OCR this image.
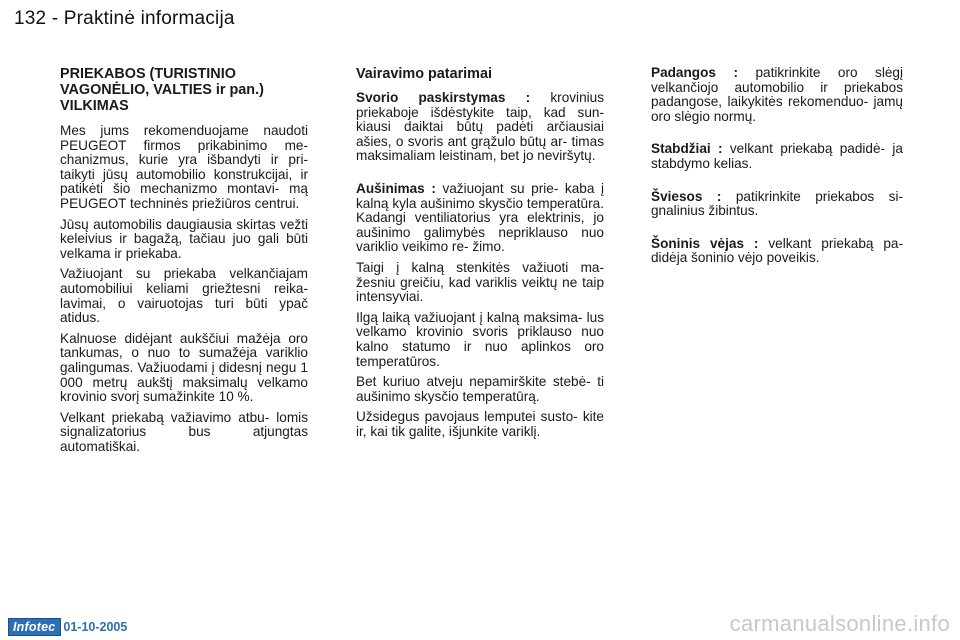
132 - Praktinė informacija
PRIEKABOS (TURISTINIO VAGONĖLIO, VALTIES ir pan.) VILKIMAS

Mes jums rekomenduojame naudoti PEUGEOT firmos prikabinimo me- chanizmus, kurie yra išbandyti ir pri- taikyti jūsų automobilio konstrukcijai, ir patikėti šio mechanizmo montavi- mą PEUGEOT techninės priežiūros centrui.

Jūsų automobilis daugiausia skirtas vežti keleivius ir bagažą, tačiau juo gali būti velkama ir priekaba.

Važiuojant su priekaba velkančiajam automobiliui keliami griežtesni reika- lavimai, o vairuotojas turi būti ypač atidus.

Kalnuose didėjant aukščiui mažėja oro tankumas, o nuo to sumažėja variklio galingumas. Važiuodami į didesnį negu 1 000 metrų aukštį maksimalų velkamo krovinio svorį sumažinkite 10 %.

Velkant priekabą važiavimo atbu- lomis signalizatorius bus atjungtas automatiškai.

Vairavimo patarimai

Svorio paskirstymas : krovinius priekaboje išdėstykite taip, kad sun- kiausi daiktai būtų padėti arčiausiai ašies, o svoris ant grąžulo būtų ar- timas maksimaliam leistinam, bet jo neviršytų.

Aušinimas : važiuojant su prie- kaba į kalną kyla aušinimo skysčio temperatūra. Kadangi ventiliatorius yra elektrinis, jo aušinimo galimybės nepriklauso nuo variklio veikimo re- žimo.

Taigi į kalną stenkitės važiuoti ma- žesniu greičiu, kad variklis veiktų ne taip intensyviai.

Ilgą laiką važiuojant į kalną maksima- lus velkamo krovinio svoris priklauso nuo kalno statumo ir nuo aplinkos oro temperatūros.

Bet kuriuo atveju nepamirškite stebė- ti aušinimo skysčio temperatūrą.

Užsidegus pavojaus lemputei susto- kite ir, kai tik galite, išjunkite variklį.

Padangos : patikrinkite oro slėgį velkančiojo automobilio ir priekabos padangose, laikykitės rekomenduo- jamų oro slėgio normų.

Stabdžiai : velkant priekabą padidė- ja stabdymo kelias.

Šviesos : patikrinkite priekabos si- gnalinius žibintus.

Šoninis vėjas : velkant priekabą pa- didėja šoninio vėjo poveikis.

Infotec 01-10-2005	carmanualsonline.info
